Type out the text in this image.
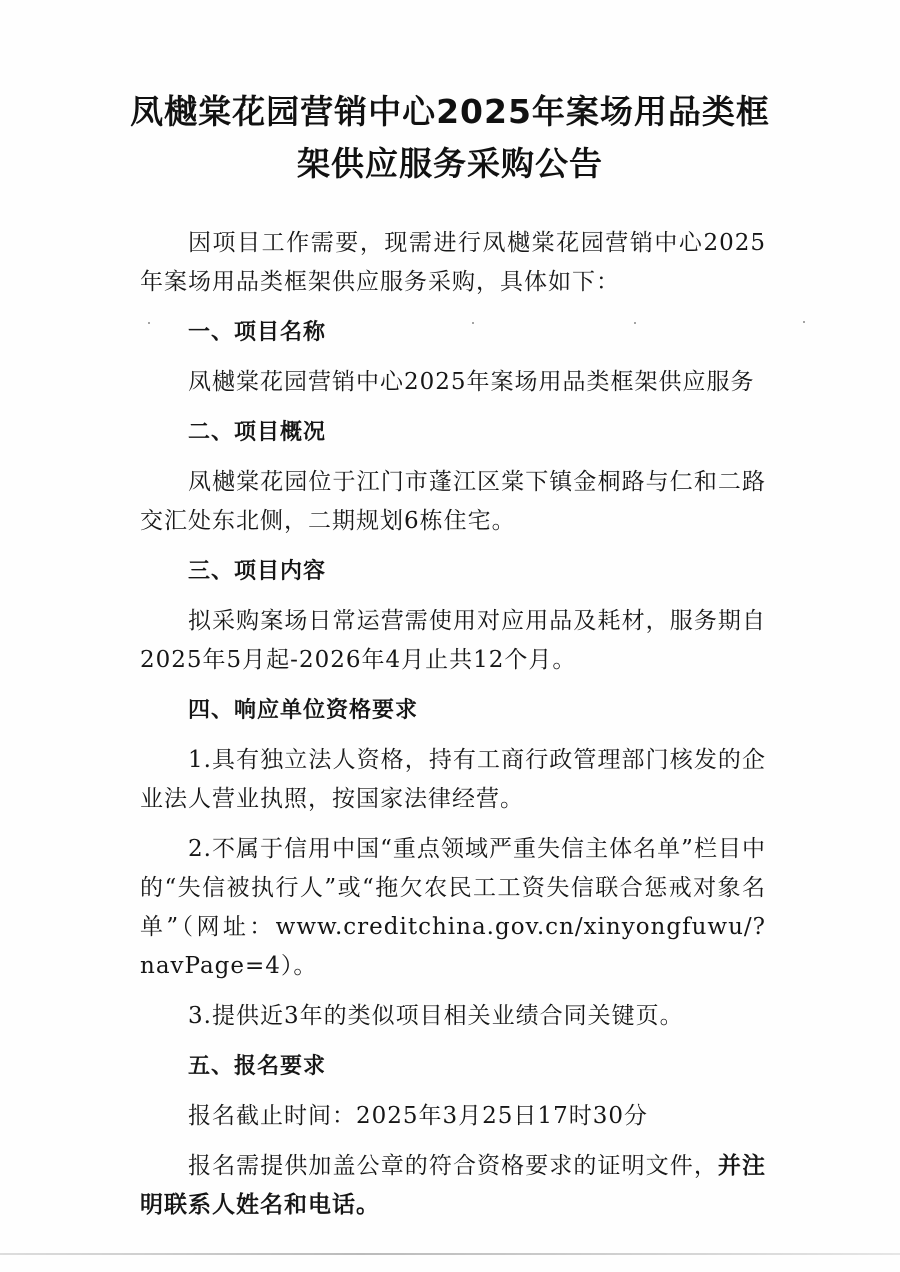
凤樾棠花园营销中心2025年案场用品类框架供应服务采购公告

因项目工作需要，现需进行凤樾棠花园营销中心2025年案场用品类框架供应服务采购，具体如下：

一、项目名称

凤樾棠花园营销中心2025年案场用品类框架供应服务

二、项目概况

凤樾棠花园位于江门市蓬江区棠下镇金桐路与仁和二路交汇处东北侧，二期规划6栋住宅。

三、项目内容

拟采购案场日常运营需使用对应用品及耗材，服务期自2025年5月起-2026年4月止共12个月。

四、响应单位资格要求

1.具有独立法人资格，持有工商行政管理部门核发的企业法人营业执照，按国家法律经营。

2.不属于信用中国“重点领域严重失信主体名单”栏目中的“失信被执行人”或“拖欠农民工工资失信联合惩戒对象名单”（网址：www.creditchina.gov.cn/xinyongfuwu/?navPage=4）。

3.提供近3年的类似项目相关业绩合同关键页。

五、报名要求

报名截止时间：2025年3月25日17时30分

报名需提供加盖公章的符合资格要求的证明文件，并注明联系人姓名和电话。
